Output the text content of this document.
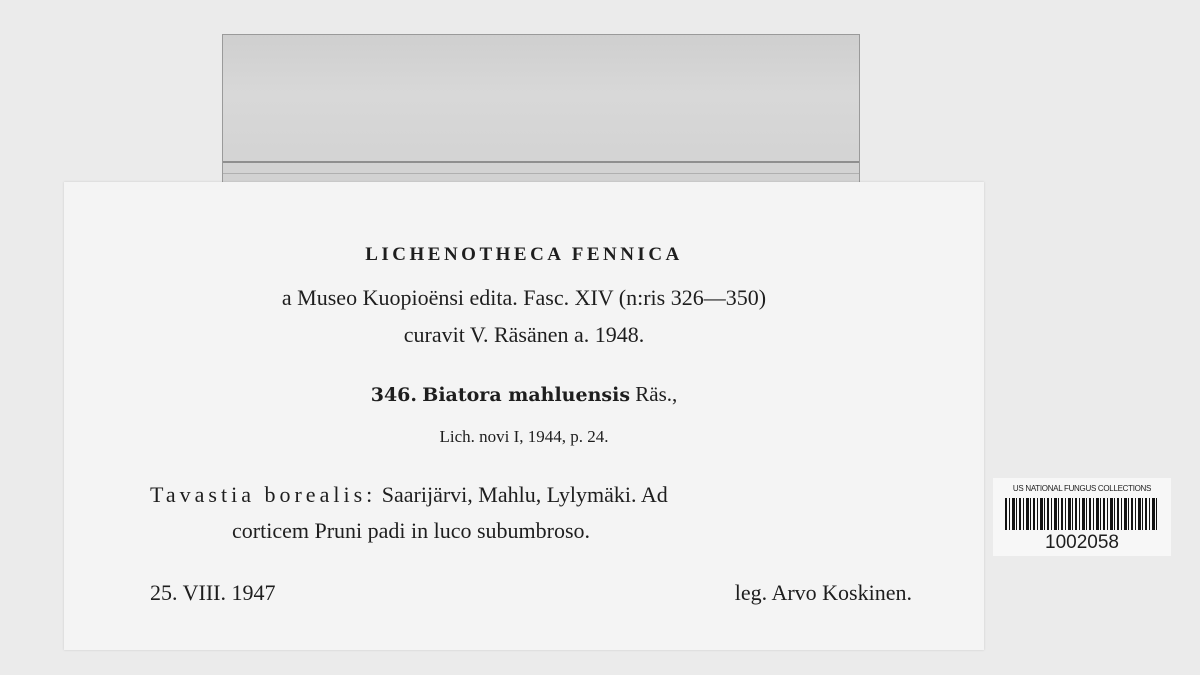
LICHENOTHECA FENNICA
a Museo Kuopioënsi edita. Fasc. XIV (n:ris 326—350)
curavit V. Räsänen a. 1948.
346. Biatora mahluensis Räs.,
Lich. novi I, 1944, p. 24.
Tavastia borealis: Saarijärvi, Mahlu, Lylymäki. Ad
corticem Pruni padi in luco subumbroso.
25. VIII. 1947	leg. Arvo Koskinen.
US NATIONAL FUNGUS COLLECTIONS
1002058
